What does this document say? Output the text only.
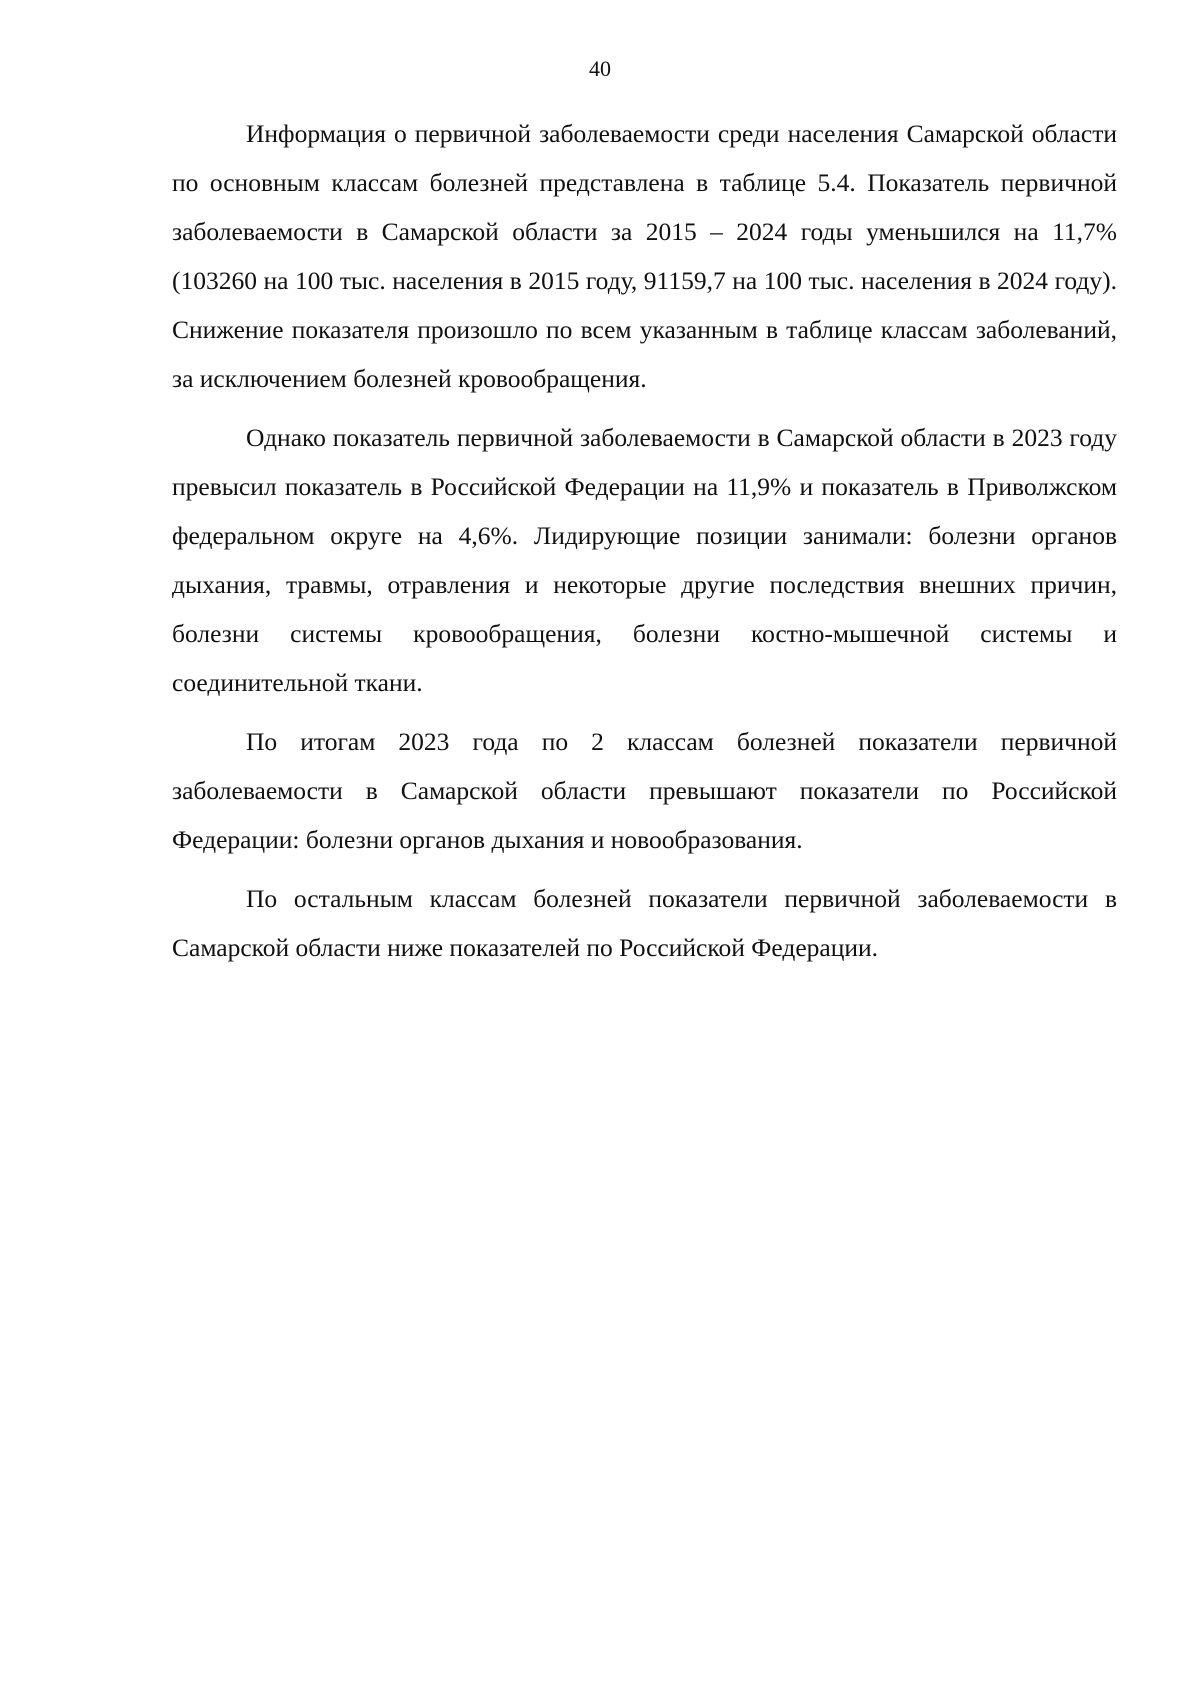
40

Информация о первичной заболеваемости среди населения Самарской области по основным классам болезней представлена в таблице 5.4. Показатель первичной заболеваемости в Самарской области за 2015 – 2024 годы уменьшился на 11,7% (103260 на 100 тыс. населения в 2015 году, 91159,7 на 100 тыс. населения в 2024 году). Снижение показателя произошло по всем указанным в таблице классам заболеваний, за исключением болезней кровообращения.

Однако показатель первичной заболеваемости в Самарской области в 2023 году превысил показатель в Российской Федерации на 11,9% и показатель в Приволжском федеральном округе на 4,6%. Лидирующие позиции занимали: болезни органов дыхания, травмы, отравления и некоторые другие последствия внешних причин, болезни системы кровообращения, болезни костно-мышечной системы и соединительной ткани.

По итогам 2023 года по 2 классам болезней показатели первичной заболеваемости в Самарской области превышают показатели по Российской Федерации: болезни органов дыхания и новообразования.

По остальным классам болезней показатели первичной заболеваемости в Самарской области ниже показателей по Российской Федерации.
